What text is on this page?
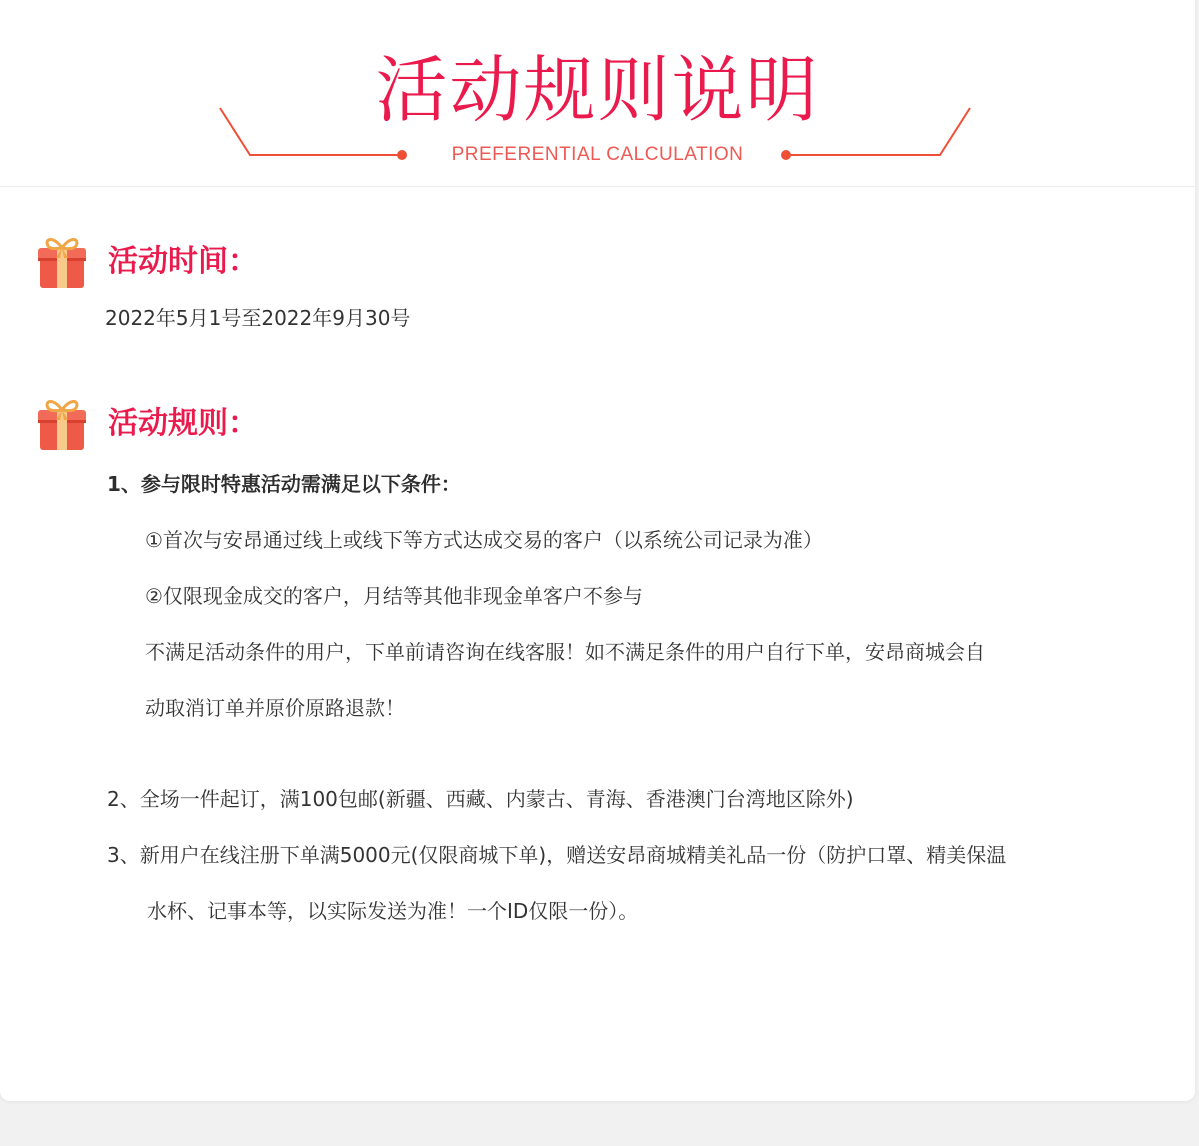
活动规则说明
PREFERENTIAL CALCULATION
活动时间：
2022年5月1号至2022年9月30号
活动规则：
1、参与限时特惠活动需满足以下条件：
①首次与安昂通过线上或线下等方式达成交易的客户（以系统公司记录为准）
②仅限现金成交的客户，月结等其他非现金单客户不参与
不满足活动条件的用户，下单前请咨询在线客服！如不满足条件的用户自行下单，安昂商城会自
动取消订单并原价原路退款！
2、全场一件起订，满100包邮(新疆、西藏、内蒙古、青海、香港澳门台湾地区除外)
3、新用户在线注册下单满5000元(仅限商城下单)，赠送安昂商城精美礼品一份（防护口罩、精美保温
水杯、记事本等，以实际发送为准！一个ID仅限一份）。
